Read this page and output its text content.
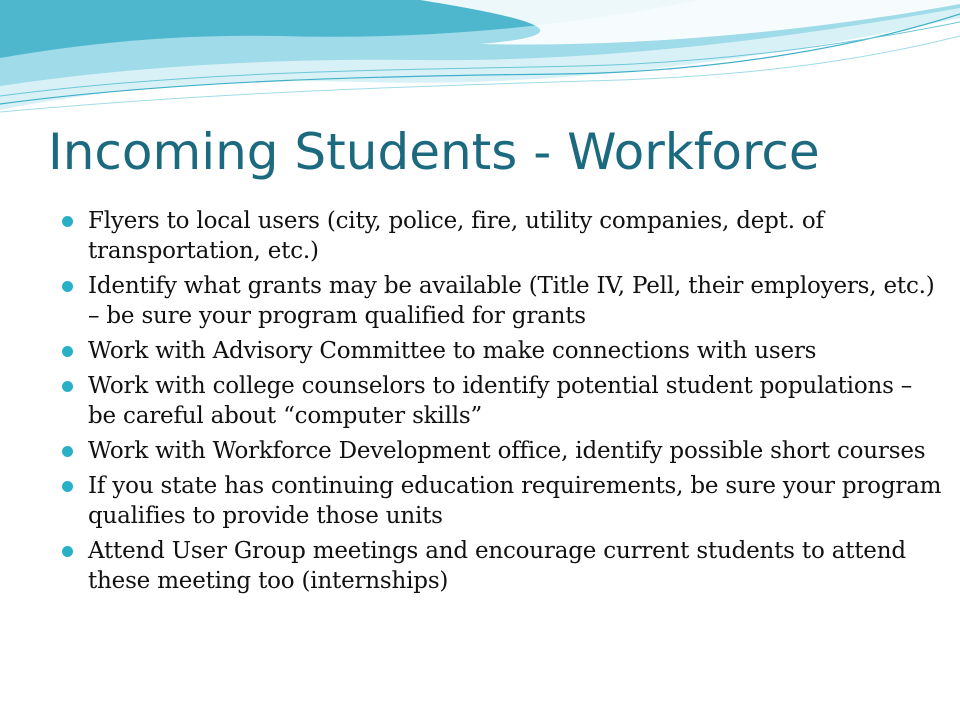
Incoming Students - Workforce
Flyers to local users (city, police, fire, utility companies, dept. of transportation, etc.)
Identify what grants may be available (Title IV, Pell, their employers, etc.) – be sure your program qualified for grants
Work with Advisory Committee to make connections with users
Work with college counselors to identify potential student populations – be careful about “computer skills”
Work with Workforce Development office, identify possible short courses
If you state has continuing education requirements, be sure your program qualifies to provide those units
Attend User Group meetings and encourage current students to attend these meeting too (internships)
